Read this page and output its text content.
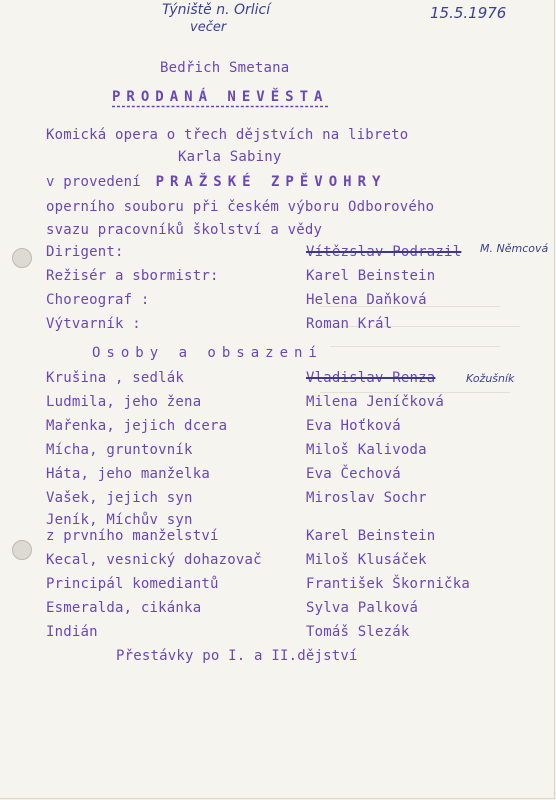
Týniště n. Orlicí
večer
15.5.1976
M. Němcová
Kožušník
Bedřich Smetana
PRODANÁ NEVĚSTA
Komická opera o třech dějstvích na libreto
Karla Sabiny
v provedení PRAŽSKÉ ZPĚVOHRY
operního souboru při českém výboru Odborového
svazu pracovníků školství a vědy
Dirigent:	Vítězslav Podrazil
Režisér a sbormistr:	Karel Beinstein
Choreograf :	Helena Daňková
Výtvarník :	Roman Král
Osoby a obsazení
Krušina , sedlák	Vladislav Renza
Ludmila, jeho žena	Milena Jeníčková
Mařenka, jejich dcera	Eva Hoťková
Mícha, gruntovník	Miloš Kalivoda
Háta, jeho manželka	Eva Čechová
Vašek, jejich syn	Miroslav Sochr
Jeník, Míchův syn
z prvního manželství	Karel Beinstein
Kecal, vesnický dohazovač	Miloš Klusáček
Principál komediantů	František Škornička
Esmeralda, cikánka	Sylva Palková
Indián	Tomáš Slezák
Přestávky po I. a II.dějství
